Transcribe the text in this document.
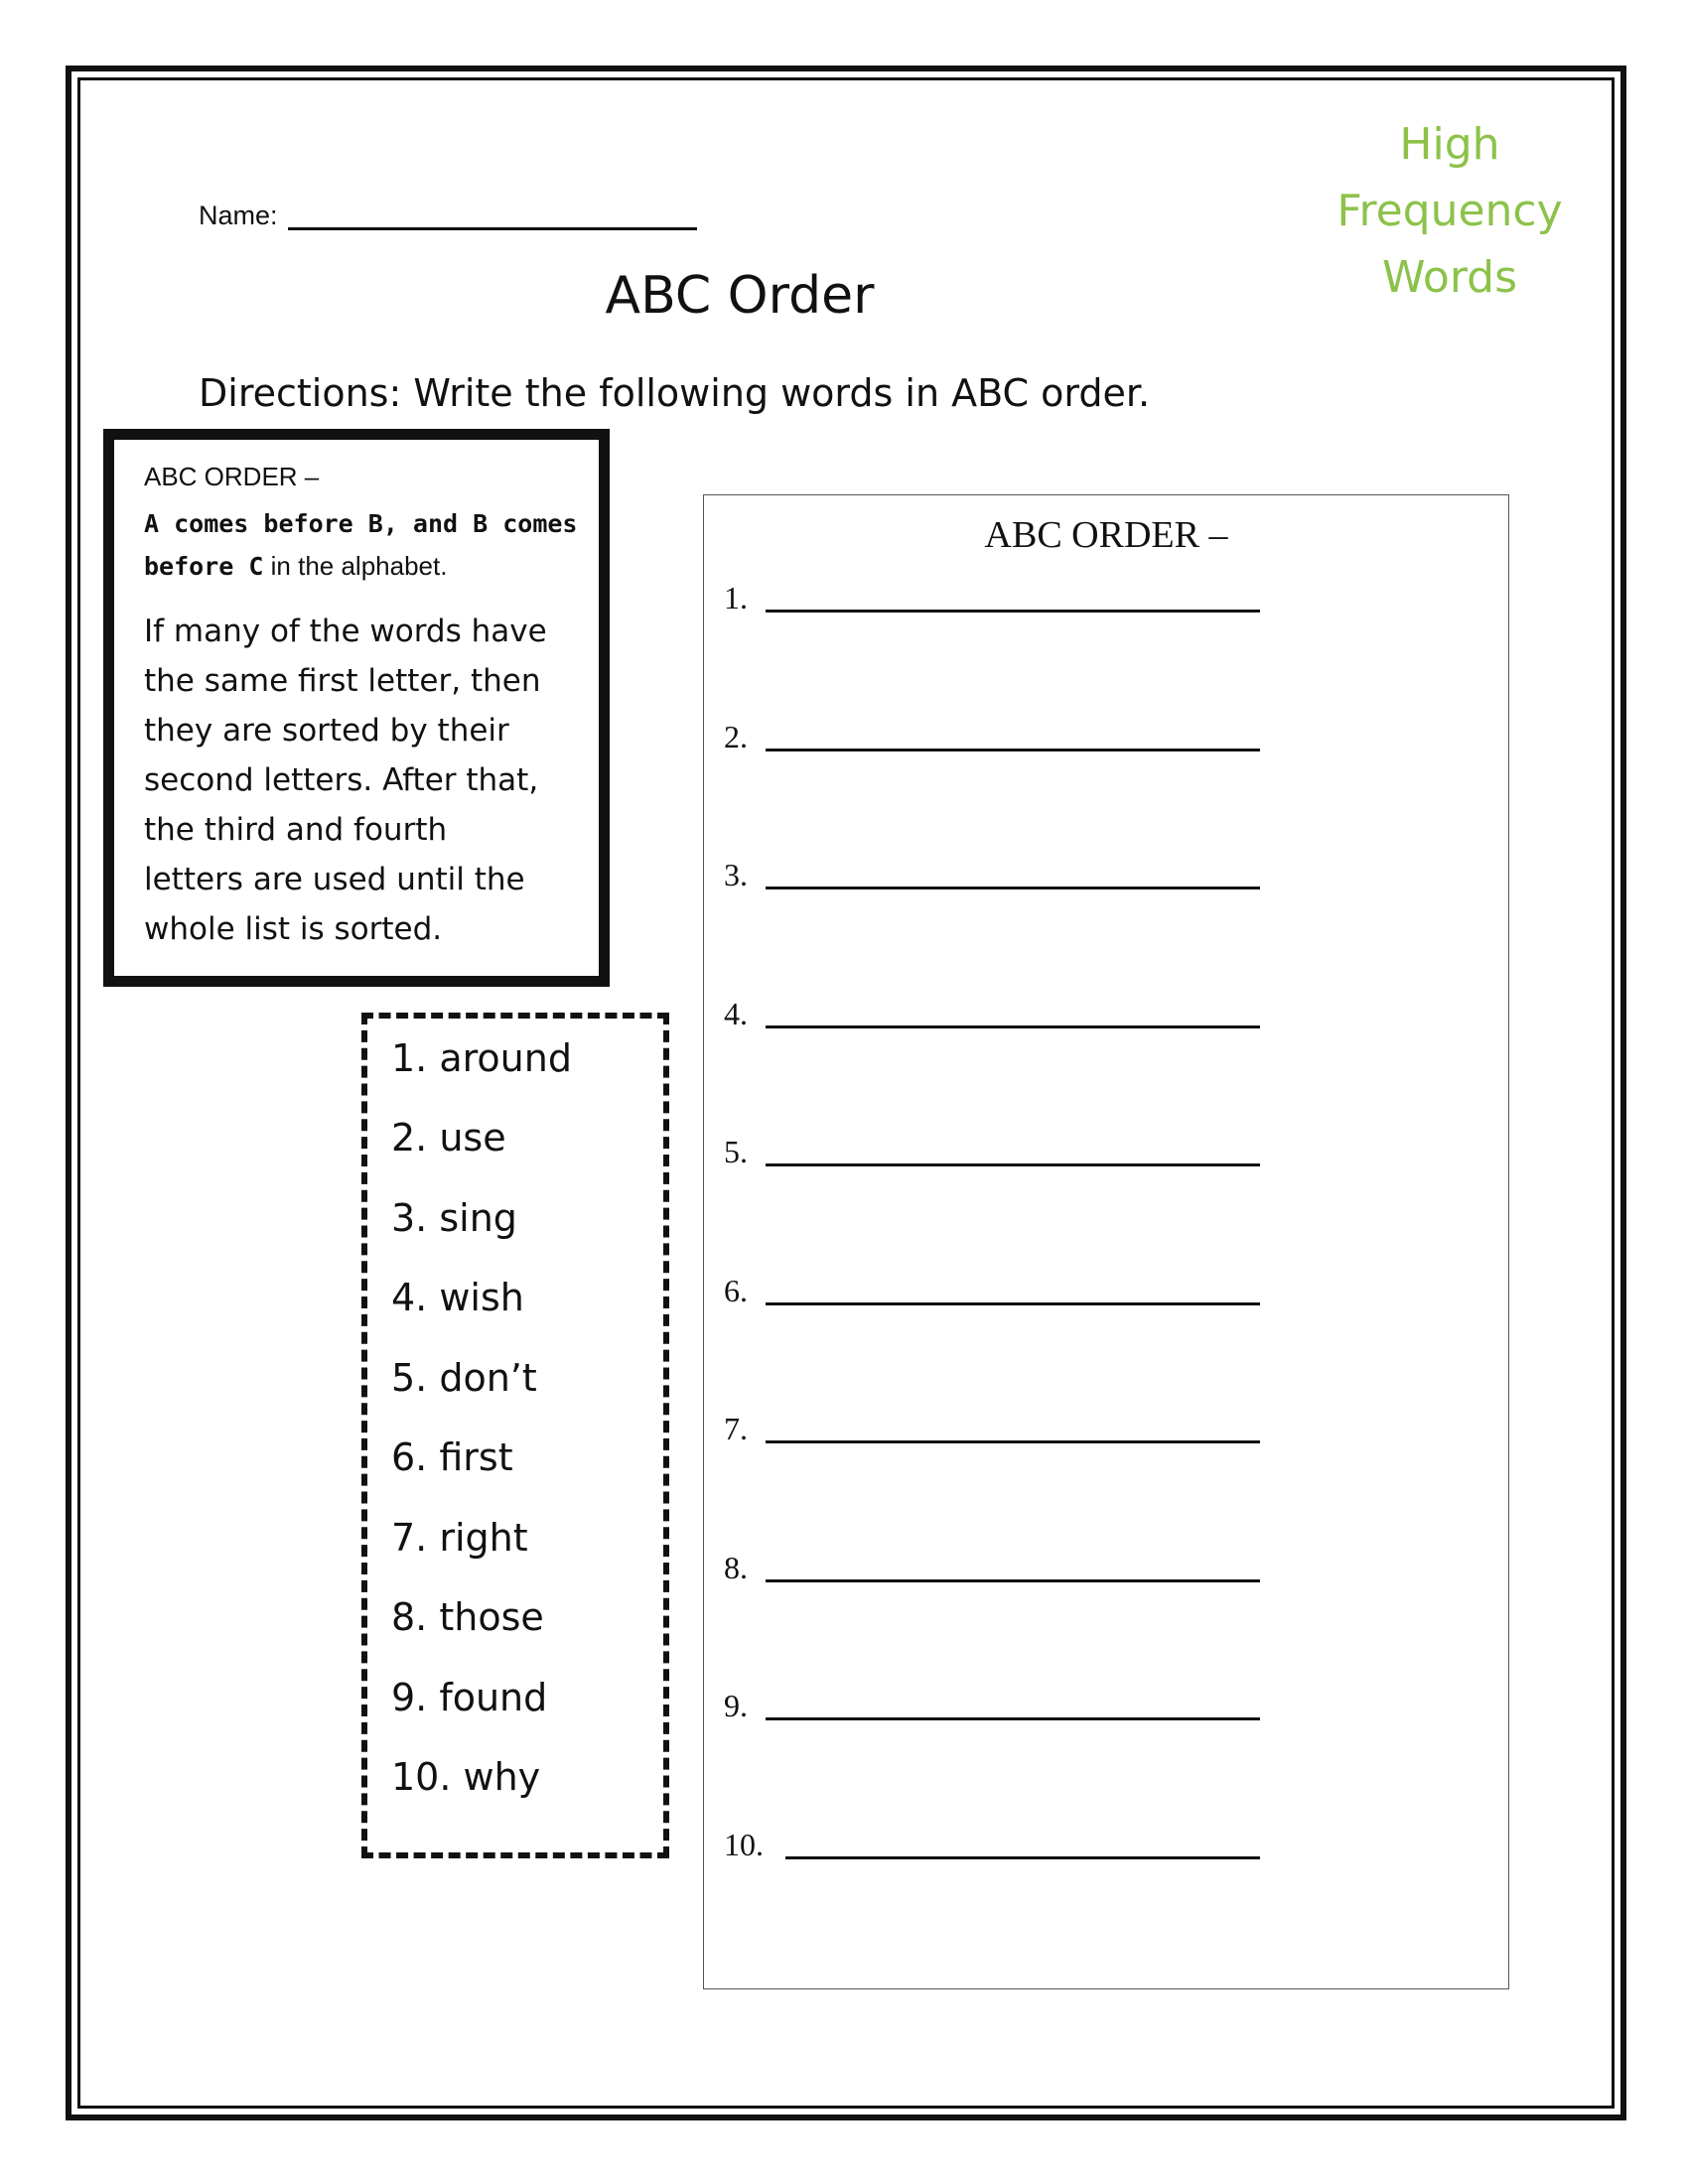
High
Frequency
Words
Name:
ABC Order
Directions: Write the following words in ABC order.
ABC ORDER –
A comes before B, and B comes
before C in the alphabet.
If many of the words have
the same first letter, then
they are sorted by their
second letters. After that,
the third and fourth
letters are used until the
whole list is sorted.
1. around
2. use
3. sing
4. wish
5. don’t
6. first
7. right
8. those
9. found
10. why
ABC ORDER –
1.
2.
3.
4.
5.
6.
7.
8.
9.
10.
